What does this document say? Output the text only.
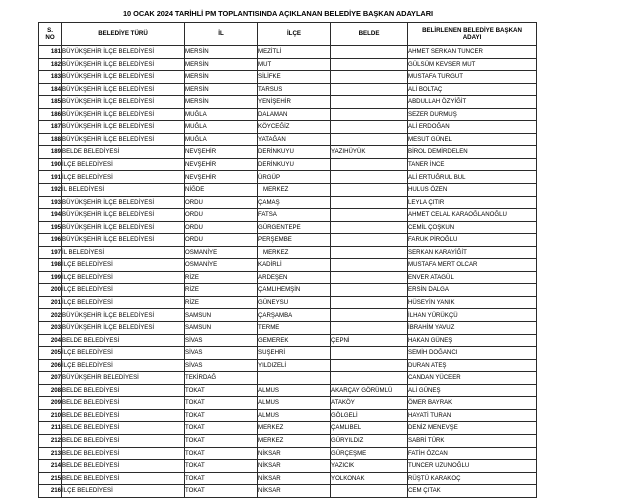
10 OCAK 2024 TARİHLİ PM TOPLANTISINDA AÇIKLANAN BELEDİYE BAŞKAN ADAYLARI
S.
NO	BELEDİYE TÜRÜ	İL	İLÇE	BELDE	BELİRLENEN BELEDİYE BAŞKAN
ADAYI
181	BÜYÜKŞEHİR İLÇE BELEDİYESİ	MERSİN	MEZİTLİ		AHMET SERKAN TUNCER
182	BÜYÜKŞEHİR İLÇE BELEDİYESİ	MERSİN	MUT		GÜLSÜM KEVSER MUT
183	BÜYÜKŞEHİR İLÇE BELEDİYESİ	MERSİN	SİLİFKE		MUSTAFA TURGUT
184	BÜYÜKŞEHİR İLÇE BELEDİYESİ	MERSİN	TARSUS		ALİ BOLTAÇ
185	BÜYÜKŞEHİR İLÇE BELEDİYESİ	MERSİN	YENİŞEHİR		ABDULLAH ÖZYİĞİT
186	BÜYÜKŞEHİR İLÇE BELEDİYESİ	MUĞLA	DALAMAN		SEZER DURMUŞ
187	BÜYÜKŞEHİR İLÇE BELEDİYESİ	MUĞLA	KÖYCEĞİZ		ALİ ERDOĞAN
188	BÜYÜKŞEHİR İLÇE BELEDİYESİ	MUĞLA	YATAĞAN		MESUT GÜNEL
189	BELDE BELEDİYESİ	NEVŞEHİR	DERİNKUYU	YAZIHÜYÜK	BİROL DEMİRDELEN
190	İLÇE BELEDİYESİ	NEVŞEHİR	DERİNKUYU		TANER İNCE
191	İLÇE BELEDİYESİ	NEVŞEHİR	ÜRGÜP		ALİ ERTUĞRUL BUL
192	İL BELEDİYESİ	NİĞDE	MERKEZ		HULUS ÖZEN
193	BÜYÜKŞEHİR İLÇE BELEDİYESİ	ORDU	ÇAMAŞ		LEYLA ÇITIR
194	BÜYÜKŞEHİR İLÇE BELEDİYESİ	ORDU	FATSA		AHMET CELAL KARAOĞLANOĞLU
195	BÜYÜKŞEHİR İLÇE BELEDİYESİ	ORDU	GÜRGENTEPE		CEMİL ÇOŞKUN
196	BÜYÜKŞEHİR İLÇE BELEDİYESİ	ORDU	PERŞEMBE		FARUK PİROĞLU
197	İL BELEDİYESİ	OSMANİYE	MERKEZ		SERKAN KARAYİĞİT
198	İLÇE BELEDİYESİ	OSMANİYE	KADİRLİ		MUSTAFA MERT OLCAR
199	İLÇE BELEDİYESİ	RİZE	ARDEŞEN		ENVER ATAGÜL
200	İLÇE BELEDİYESİ	RİZE	ÇAMLIHEMŞİN		ERSİN DALGA
201	İLÇE BELEDİYESİ	RİZE	GÜNEYSU		HÜSEYİN YANIK
202	BÜYÜKŞEHİR İLÇE BELEDİYESİ	SAMSUN	ÇARŞAMBA		İLHAN YÜRÜKÇÜ
203	BÜYÜKŞEHİR İLÇE BELEDİYESİ	SAMSUN	TERME		İBRAHİM YAVUZ
204	BELDE BELEDİYESİ	SİVAS	GEMEREK	ÇEPNİ	HAKAN GÜNEŞ
205	İLÇE BELEDİYESİ	SİVAS	SUŞEHRİ		SEMİH DOĞANCI
206	İLÇE BELEDİYESİ	SİVAS	YILDIZELİ		DURAN ATEŞ
207	BÜYÜKŞEHİR BELEDİYESİ	TEKİRDAĞ			CANDAN YÜCEER
208	BELDE BELEDİYESİ	TOKAT	ALMUS	AKARÇAY GÖRÜMLÜ	ALİ GÜNEŞ
209	BELDE BELEDİYESİ	TOKAT	ALMUS	ATAKÖY	ÖMER BAYRAK
210	BELDE BELEDİYESİ	TOKAT	ALMUS	GÖLGELİ	HAYATİ TURAN
211	BELDE BELEDİYESİ	TOKAT	MERKEZ	ÇAMLIBEL	DENİZ MENEVŞE
212	BELDE BELEDİYESİ	TOKAT	MERKEZ	GÜRYILDIZ	SABRİ TÜRK
213	BELDE BELEDİYESİ	TOKAT	NİKSAR	GÜRÇEŞME	FATİH ÖZCAN
214	BELDE BELEDİYESİ	TOKAT	NİKSAR	YAZICIK	TUNCER UZUNOĞLU
215	BELDE BELEDİYESİ	TOKAT	NİKSAR	YOLKONAK	RÜŞTÜ KARAKOÇ
216	İLÇE BELEDİYESİ	TOKAT	NİKSAR		CEM ÇITAK
